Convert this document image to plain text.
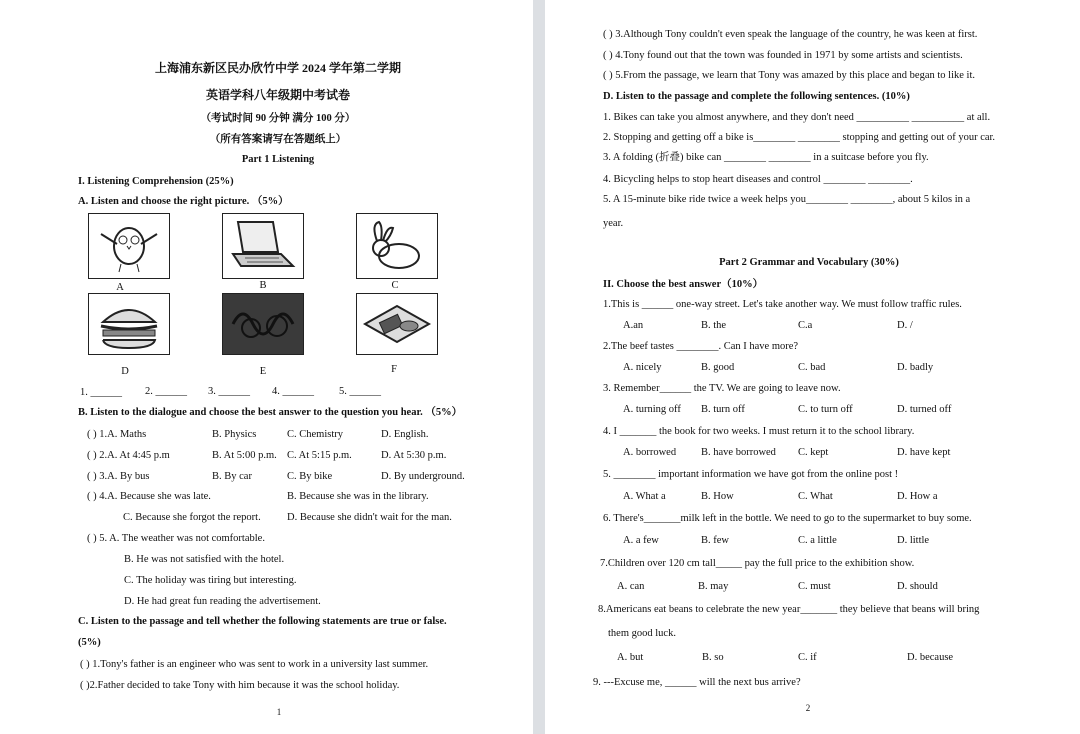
上海浦东新区民办欣竹中学 2024 学年第二学期
英语学科八年级期中考试卷
（考试时间 90 分钟 满分 100 分）
（所有答案请写在答题纸上）
Part 1 Listening
I. Listening Comprehension (25%)
A. Listen and choose the right picture. （5%）
A	B	C
D	E	F
1. ______ 2. ______ 3. ______ 4. ______ 5. ______
B. Listen to the dialogue and choose the best answer to the question you hear. （5%）
( ) 1.A. Maths	B. Physics	C. Chemistry	D. English.
( ) 2.A. At 4:45 p.m	B. At 5:00 p.m. C. At 5:15 p.m.	D. At 5:30 p.m.
( ) 3.A. By bus	B. By car	C. By bike	D. By underground.
( ) 4.A. Because she was late.	B. Because she was in the library.
C. Because she forgot the report.	D. Because she didn't wait for the man.
( ) 5. A. The weather was not comfortable.
B. He was not satisfied with the hotel.
C. The holiday was tiring but interesting.
D. He had great fun reading the advertisement.
C. Listen to the passage and tell whether the following statements are true or false.
(5%)
( ) 1.Tony's father is an engineer who was sent to work in a university last summer.
( )2.Father decided to take Tony with him because it was the school holiday.
1
( ) 3.Although Tony couldn't even speak the language of the country, he was keen at first.
( ) 4.Tony found out that the town was founded in 1971 by some artists and scientists.
( ) 5.From the passage, we learn that Tony was amazed by this place and began to like it.
D. Listen to the passage and complete the following sentences. (10%)
1. Bikes can take you almost anywhere, and they don't need __________ __________ at all.
2. Stopping and getting off a bike is________ ________ stopping and getting out of your car.
3. A folding (折叠) bike can ________ ________ in a suitcase before you fly.
4. Bicycling helps to stop heart diseases and control ________ ________.
5. A 15-minute bike ride twice a week helps you________ ________, about 5 kilos in a
year.
Part 2 Grammar and Vocabulary (30%)
II. Choose the best answer（10%）
1.This is ______ one-way street. Let's take another way. We must follow traffic rules.
A.an	B. the	C.a	D. /
2.The beef tastes ________. Can I have more?
A. nicely	B. good	C. bad	D. badly
3. Remember______ the TV. We are going to leave now.
A. turning off B. turn off	C. to turn off	D. turned off
4. I _______ the book for two weeks. I must return it to the school library.
A. borrowed B. have borrowed C. kept	D. have kept
5. ________ important information we have got from the online post !
A. What a	B. How	C. What	D. How a
6. There's_______milk left in the bottle. We need to go to the supermarket to buy some.
A. a few	B. few	C. a little	D. little
7.Children over 120 cm tall_____ pay the full price to the exhibition show.
A. can	B. may	C. must	D. should
8.Americans eat beans to celebrate the new year_______ they believe that beans will bring
them good luck.
A. but	B. so	C. if	D. because
9. ---Excuse me, ______ will the next bus arrive?
2
